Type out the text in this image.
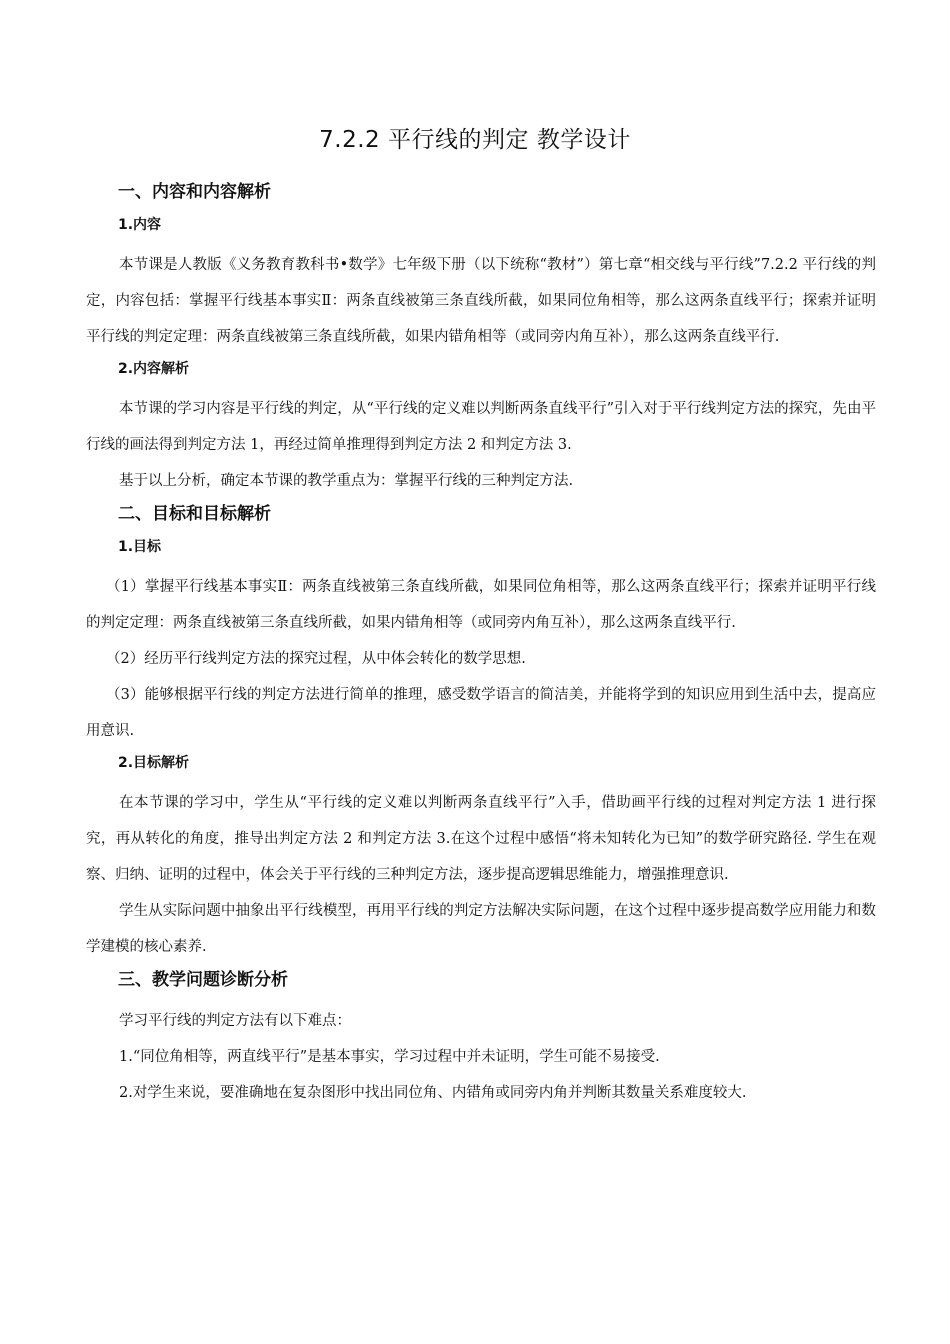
7.2.2 平行线的判定 教学设计
一、内容和内容解析
1.内容

本节课是人教版《义务教育教科书•数学》七年级下册（以下统称“教材”）第七章“相交线与平行线”7.2.2 平行线的判定，内容包括：掌握平行线基本事实Ⅱ：两条直线被第三条直线所截，如果同位角相等，那么这两条直线平行；探索并证明平行线的判定定理：两条直线被第三条直线所截，如果内错角相等（或同旁内角互补），那么这两条直线平行.

2.内容解析

本节课的学习内容是平行线的判定，从“平行线的定义难以判断两条直线平行”引入对于平行线判定方法的探究，先由平行线的画法得到判定方法 1，再经过简单推理得到判定方法 2 和判定方法 3.

基于以上分析，确定本节课的教学重点为：掌握平行线的三种判定方法.

二、目标和目标解析
1.目标

（1）掌握平行线基本事实Ⅱ：两条直线被第三条直线所截，如果同位角相等，那么这两条直线平行；探索并证明平行线的判定定理：两条直线被第三条直线所截，如果内错角相等（或同旁内角互补），那么这两条直线平行.

（2）经历平行线判定方法的探究过程，从中体会转化的数学思想.

（3）能够根据平行线的判定方法进行简单的推理，感受数学语言的简洁美，并能将学到的知识应用到生活中去，提高应用意识.

2.目标解析

在本节课的学习中，学生从“平行线的定义难以判断两条直线平行”入手，借助画平行线的过程对判定方法 1 进行探究，再从转化的角度，推导出判定方法 2 和判定方法 3.在这个过程中感悟“将未知转化为已知”的数学研究路径. 学生在观察、归纳、证明的过程中，体会关于平行线的三种判定方法，逐步提高逻辑思维能力，增强推理意识.

学生从实际问题中抽象出平行线模型，再用平行线的判定方法解决实际问题，在这个过程中逐步提高数学应用能力和数学建模的核心素养.

三、教学问题诊断分析

学习平行线的判定方法有以下难点：

1.“同位角相等，两直线平行”是基本事实，学习过程中并未证明，学生可能不易接受.

2.对学生来说，要准确地在复杂图形中找出同位角、内错角或同旁内角并判断其数量关系难度较大.
